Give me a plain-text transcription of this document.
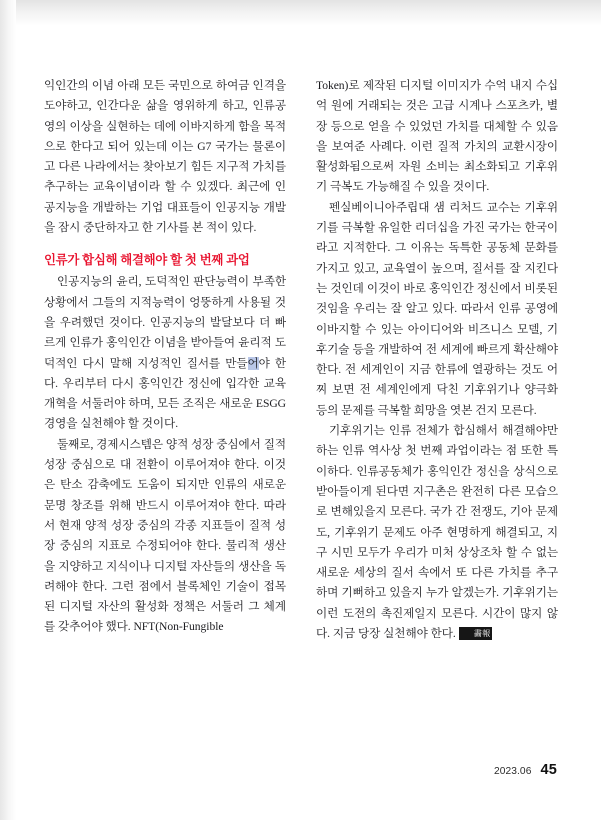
익인간의 이념 아래 모든 국민으로 하여금 인격을 도야하고, 인간다운 삶을 영위하게 하고, 인류공영의 이상을 실현하는 데에 이바지하게 함을 목적으로 한다고 되어 있는데 이는 G7 국가는 물론이고 다른 나라에서는 찾아보기 힘든 지구적 가치를 추구하는 교육이념이라 할 수 있겠다. 최근에 인공지능을 개발하는 기업 대표들이 인공지능 개발을 잠시 중단하자고 한 기사를 본 적이 있다.

인류가 합심해 해결해야 할 첫 번째 과업

인공지능의 윤리, 도덕적인 판단능력이 부족한 상황에서 그들의 지적능력이 엉뚱하게 사용될 것을 우려했던 것이다. 인공지능의 발달보다 더 빠르게 인류가 홍익인간 이념을 받아들여 윤리적 도덕적인 다시 말해 지성적인 질서를 만들어야 한다. 우리부터 다시 홍익인간 정신에 입각한 교육개혁을 서둘러야 하며, 모든 조직은 새로운 ESGG 경영을 실천해야 할 것이다.

둘째로, 경제시스템은 양적 성장 중심에서 질적 성장 중심으로 대 전환이 이루어져야 한다. 이것은 탄소 감축에도 도움이 되지만 인류의 새로운 문명 창조를 위해 반드시 이루어져야 한다. 따라서 현재 양적 성장 중심의 각종 지표들이 질적 성장 중심의 지표로 수정되어야 한다. 물리적 생산을 지양하고 지식이나 디지털 자산들의 생산을 독려해야 한다. 그런 점에서 블록체인 기술이 접목된 디지털 자산의 활성화 정책은 서둘러 그 체계를 갖추어야 했다. NFT(Non-Fungible

Token)로 제작된 디지털 이미지가 수억 내지 수십억 원에 거래되는 것은 고급 시계나 스포츠카, 별장 등으로 얻을 수 있었던 가치를 대체할 수 있음을 보여준 사례다. 이런 질적 가치의 교환시장이 활성화됨으로써 자원 소비는 최소화되고 기후위기 극복도 가능해질 수 있을 것이다.

펜실베이니아주립대 샘 리처드 교수는 기후위기를 극복할 유일한 리더십을 가진 국가는 한국이라고 지적한다. 그 이유는 독특한 공동체 문화를 가지고 있고, 교육열이 높으며, 질서를 잘 지킨다는 것인데 이것이 바로 홍익인간 정신에서 비롯된 것임을 우리는 잘 알고 있다. 따라서 인류 공영에 이바지할 수 있는 아이디어와 비즈니스 모델, 기후기술 등을 개발하여 전 세계에 빠르게 확산해야 한다. 전 세계인이 지금 한류에 열광하는 것도 어찌 보면 전 세계인에게 닥친 기후위기나 양극화 등의 문제를 극복할 희망을 엿본 건지 모른다.

기후위기는 인류 전체가 합심해서 해결해야만 하는 인류 역사상 첫 번째 과업이라는 점 또한 특이하다. 인류공동체가 홍익인간 정신을 상식으로 받아들이게 된다면 지구촌은 완전히 다른 모습으로 변해있을지 모른다. 국가 간 전쟁도, 기아 문제도, 기후위기 문제도 아주 현명하게 해결되고, 지구 시민 모두가 우리가 미처 상상조차 할 수 없는 새로운 세상의 질서 속에서 또 다른 가치를 추구하며 기뻐하고 있을지 누가 알겠는가. 기후위기는 이런 도전의 촉진제일지 모른다. 시간이 많지 않다. 지금 당장 실천해야 한다. 畵報

2023.06 45
